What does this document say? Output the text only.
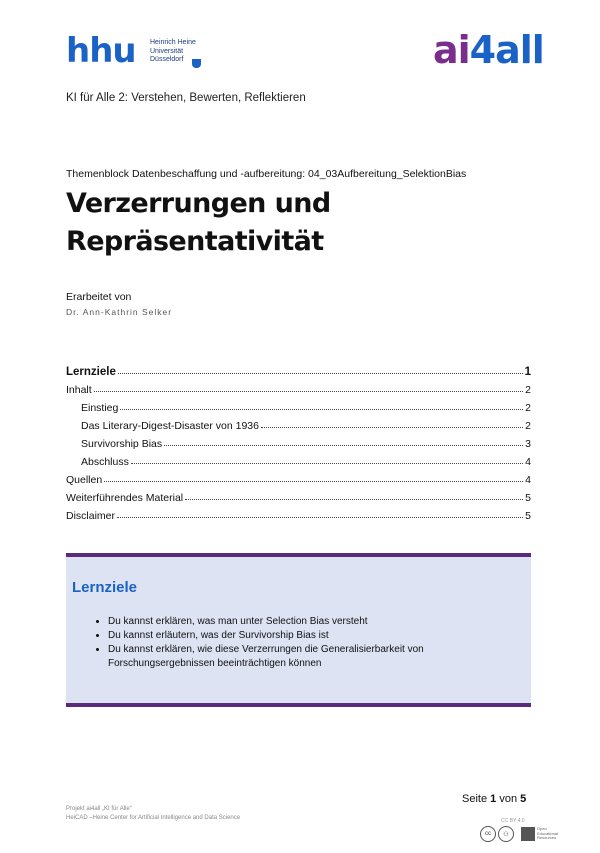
hhu Heinrich Heine
Universität
Düsseldorf	ai4all
KI für Alle 2: Verstehen, Bewerten, Reflektieren
Themenblock Datenbeschaffung und -aufbereitung: 04_03Aufbereitung_SelektionBias
Verzerrungen und Repräsentativität
Erarbeitet von
Dr. Ann-Kathrin Selker
Lernziele	1
Inhalt	2
Einstieg	2
Das Literary-Digest-Disaster von 1936	2
Survivorship Bias	3
Abschluss	4
Quellen	4
Weiterführendes Material	5
Disclaimer	5
Lernziele
• Du kannst erklären, was man unter Selection Bias versteht
• Du kannst erläutern, was der Survivorship Bias ist
• Du kannst erklären, wie diese Verzerrungen die Generalisierbarkeit von Forschungsergebnissen beeinträchtigen können
Seite 1 von 5
Projekt ai4all „KI für Alle“
HeiCAD –Heine Center for Artificial Intelligence and Data Science	CC BY 4.0
cc	⚇
Open
Educational
Resources
